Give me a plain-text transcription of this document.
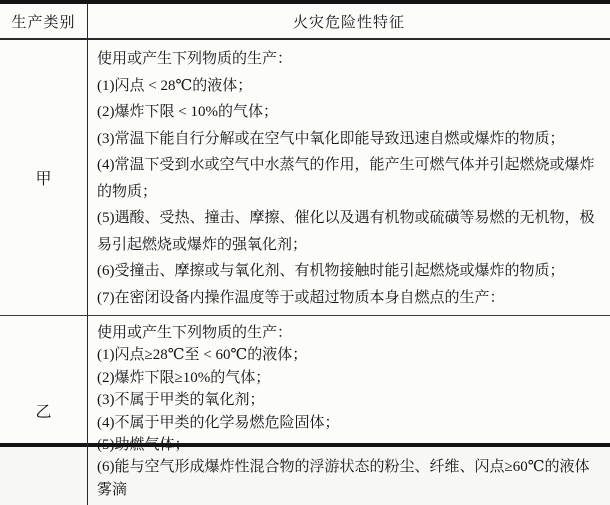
生产类别	火灾危险性特征
甲
使用或产生下列物质的生产：
(1)闪点 < 28℃的液体；
(2)爆炸下限 < 10%的气体；
(3)常温下能自行分解或在空气中氧化即能导致迅速自燃或爆炸的物质；
(4)常温下受到水或空气中水蒸气的作用，能产生可燃气体并引起燃烧或爆炸的物质；
(5)遇酸、受热、撞击、摩擦、催化以及遇有机物或硫磺等易燃的无机物，极易引起燃烧或爆炸的强氧化剂；
(6)受撞击、摩擦或与氧化剂、有机物接触时能引起燃烧或爆炸的物质；
(7)在密闭设备内操作温度等于或超过物质本身自燃点的生产：
乙
使用或产生下列物质的生产：
(1)闪点≥28℃至 < 60℃的液体；
(2)爆炸下限≥10%的气体；
(3)不属于甲类的氧化剂；
(4)不属于甲类的化学易燃危险固体；
(5)助燃气体；
(6)能与空气形成爆炸性混合物的浮游状态的粉尘、纤维、闪点≥60℃的液体雾滴
